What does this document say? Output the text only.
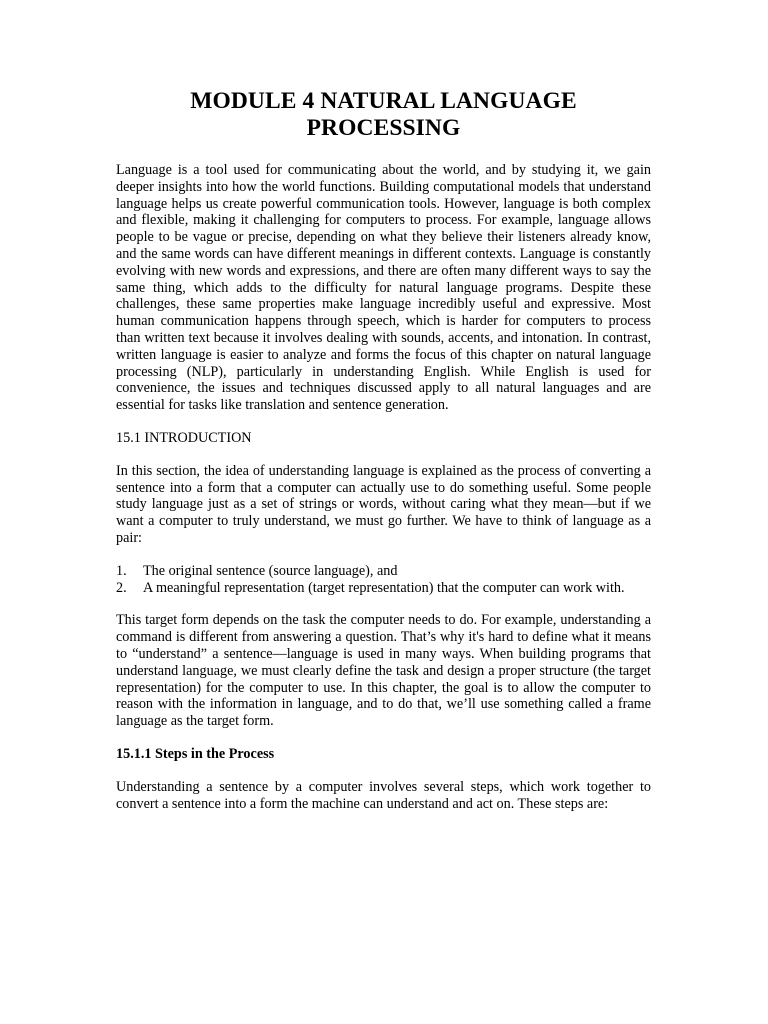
MODULE 4 NATURAL LANGUAGE
PROCESSING

Language is a tool used for communicating about the world, and by studying it, we gain deeper insights into how the world functions. Building computational models that understand language helps us create powerful communication tools. However, language is both complex and flexible, making it challenging for computers to process. For example, language allows people to be vague or precise, depending on what they believe their listeners already know, and the same words can have different meanings in different contexts. Language is constantly evolving with new words and expressions, and there are often many different ways to say the same thing, which adds to the difficulty for natural language programs. Despite these challenges, these same properties make language incredibly useful and expressive. Most human communication happens through speech, which is harder for computers to process than written text because it involves dealing with sounds, accents, and intonation. In contrast, written language is easier to analyze and forms the focus of this chapter on natural language processing (NLP), particularly in understanding English. While English is used for convenience, the issues and techniques discussed apply to all natural languages and are essential for tasks like translation and sentence generation.

15.1 INTRODUCTION

In this section, the idea of understanding language is explained as the process of converting a sentence into a form that a computer can actually use to do something useful. Some people study language just as a set of strings or words, without caring what they mean—but if we want a computer to truly understand, we must go further. We have to think of language as a pair:

1.	The original sentence (source language), and
2.	A meaningful representation (target representation) that the computer can work with.

This target form depends on the task the computer needs to do. For example, understanding a command is different from answering a question. That’s why it's hard to define what it means to “understand” a sentence—language is used in many ways. When building programs that understand language, we must clearly define the task and design a proper structure (the target representation) for the computer to use. In this chapter, the goal is to allow the computer to reason with the information in language, and to do that, we’ll use something called a frame language as the target form.

15.1.1 Steps in the Process

Understanding a sentence by a computer involves several steps, which work together to convert a sentence into a form the machine can understand and act on. These steps are:
